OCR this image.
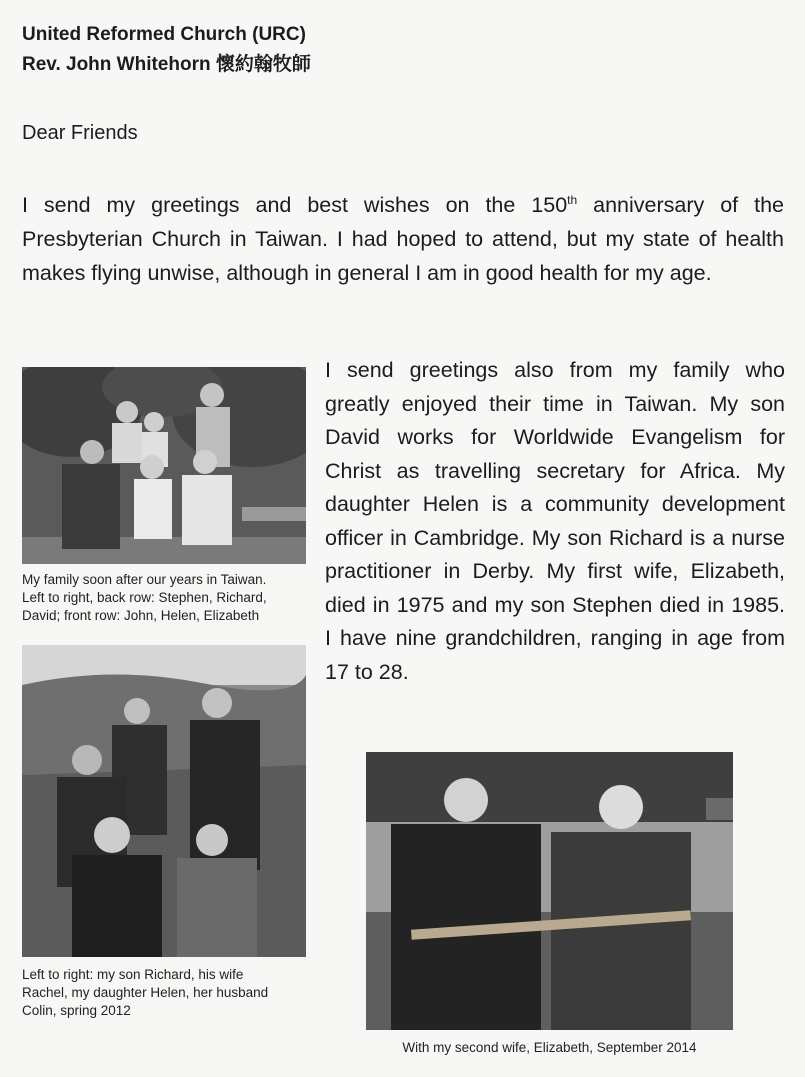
United Reformed Church (URC)
Rev. John Whitehorn 懷約翰牧師
Dear Friends
I send my greetings and best wishes on the 150th anniversary of the Presbyterian Church in Taiwan. I had hoped to attend, but my state of health makes flying unwise, although in general I am in good health for my age.
I send greetings also from my family who greatly enjoyed their time in Taiwan. My son David works for Worldwide Evangelism for Christ as travelling secretary for Africa. My daughter Helen is a community development officer in Cambridge. My son Richard is a nurse practitioner in Derby. My first wife, Elizabeth, died in 1975 and my son Stephen died in 1985. I have nine grandchildren, ranging in age from 17 to 28.
My family soon after our years in Taiwan.
Left to right, back row: Stephen, Richard,
David; front row: John, Helen, Elizabeth
Left to right: my son Richard, his wife
Rachel, my daughter Helen, her husband
Colin, spring 2012
With my second wife, Elizabeth, September 2014
